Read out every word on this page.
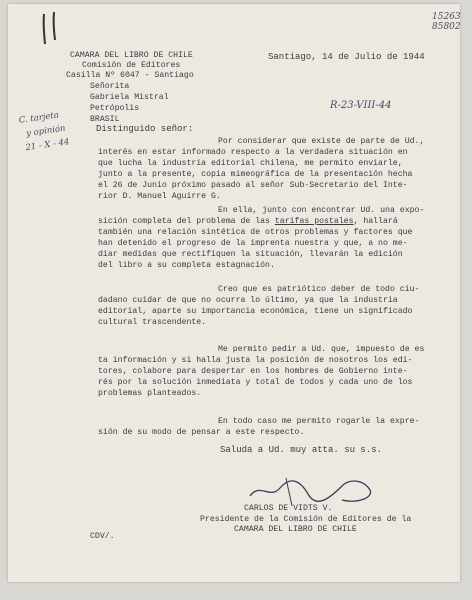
15263
85802
CAMARA DEL LIBRO DE CHILE
Comisión de Editores
Casilla Nº 6047 - Santiago
Santiago, 14 de Julio de 1944
Señorita
Gabriela Mistral
Petrópolis
BRASIL
C. tarjeta
y opinión
21 - X - 44
R-23-VIII-44
Distinguido señor:
Por considerar que existe de parte de Ud.,
interés en estar informado respecto a la verdadera situación en
que lucha la industria editorial chilena, me permito enviarle,
junto a la presente, copia mimeográfica de la presentación hecha
el 26 de Junio próximo pasado al señor Sub-Secretario del Inte-
rior D. Manuel Aguirre G.
En ella, junto con encontrar Ud. una expo-
sición completa del problema de las tarifas postales, hallará
también una relación sintética de otros problemas y factores que
han detenido el progreso de la imprenta nuestra y que, a no me-
diar medidas que rectifiquen la situación, llevarán la edición
del libro a su completa estagnación.
Creo que es patriótico deber de todo ciu-
dadano cuidar de que no ocurra lo último, ya que la industria
editorial, aparte su importancia económica, tiene un significado
cultural trascendente.
Me permito pedir a Ud. que, impuesto de es
ta información y si halla justa la posición de nosotros los edi-
tores, colabore para despertar en los hombres de Gobierno inte-
rés por la solución inmediata y total de todos y cada uno de los
problemas planteados.
En todo caso me permito rogarle la expre-
sión de su modo de pensar a este respecto.
Saluda a Ud. muy atta. su s.s.
CARLOS DE VIDTS V.
Presidente de la Comisión de Editores de la
CAMARA DEL LIBRO DE CHILE
CDV/.
